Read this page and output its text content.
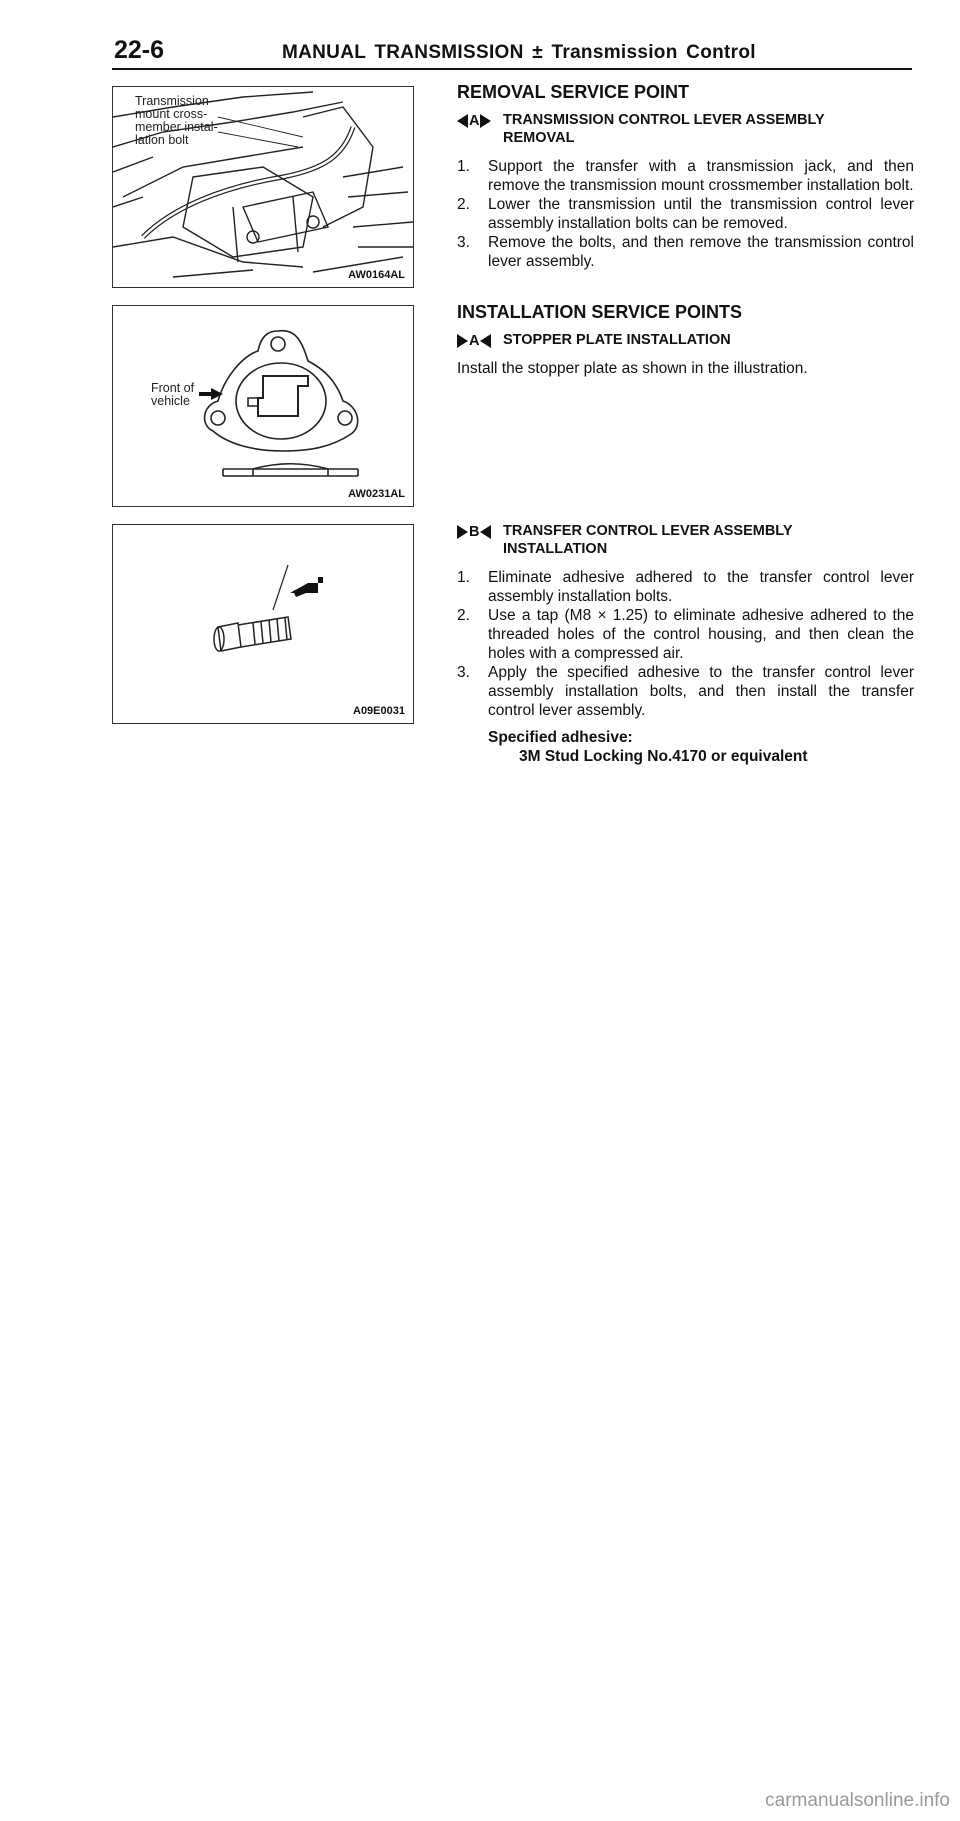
22-6	MANUAL TRANSMISSION ± Transmission Control
Transmission
mount cross-
member instal-
lation bolt
AW0164AL
Front of
vehicle
AW0231AL
A09E0031
REMOVAL SERVICE POINT
A TRANSMISSION CONTROL LEVER ASSEMBLY
REMOVAL
1. Support the transfer with a transmission jack, and then remove the transmission mount crossmember installation bolt.
2. Lower the transmission until the transmission control lever assembly installation bolts can be removed.
3. Remove the bolts, and then remove the transmission control lever assembly.
INSTALLATION SERVICE POINTS
A STOPPER PLATE INSTALLATION
Install the stopper plate as shown in the illustration.
B TRANSFER CONTROL LEVER ASSEMBLY
INSTALLATION
1. Eliminate adhesive adhered to the transfer control lever assembly installation bolts.
2. Use a tap (M8 × 1.25) to eliminate adhesive adhered to the threaded holes of the control housing, and then clean the holes with a compressed air.
3. Apply the specified adhesive to the transfer control lever assembly installation bolts, and then install the transfer control lever assembly.
Specified adhesive:
3M Stud Locking No.4170 or equivalent
carmanualsonline.info
